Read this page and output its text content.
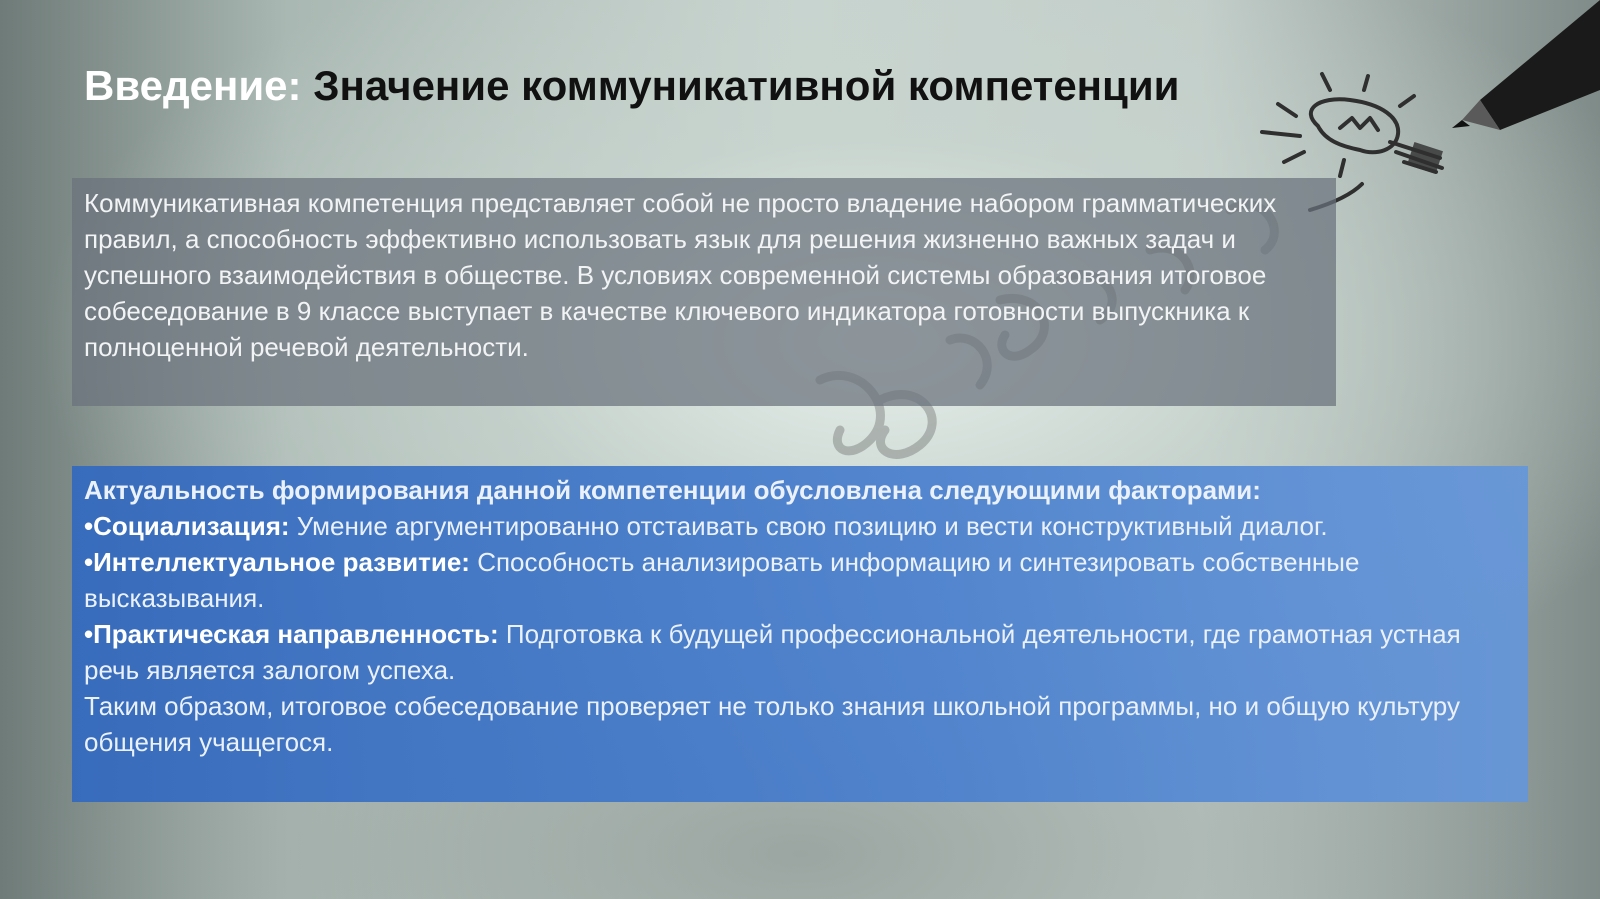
Введение: Значение коммуникативной компетенции
Коммуникативная компетенция представляет собой не просто владение набором грамматических правил, а способность эффективно использовать язык для решения жизненно важных задач и успешного взаимодействия в обществе. В условиях современной системы образования итоговое собеседование в 9 классе выступает в качестве ключевого индикатора готовности выпускника к полноценной речевой деятельности.

Актуальность формирования данной компетенции обусловлена следующими факторами:

•Социализация: Умение аргументированно отстаивать свою позицию и вести конструктивный диалог.

•Интеллектуальное развитие: Способность анализировать информацию и синтезировать собственные высказывания.

•Практическая направленность: Подготовка к будущей профессиональной деятельности, где грамотная устная речь является залогом успеха.

Таким образом, итоговое собеседование проверяет не только знания школьной программы, но и общую культуру общения учащегося.
